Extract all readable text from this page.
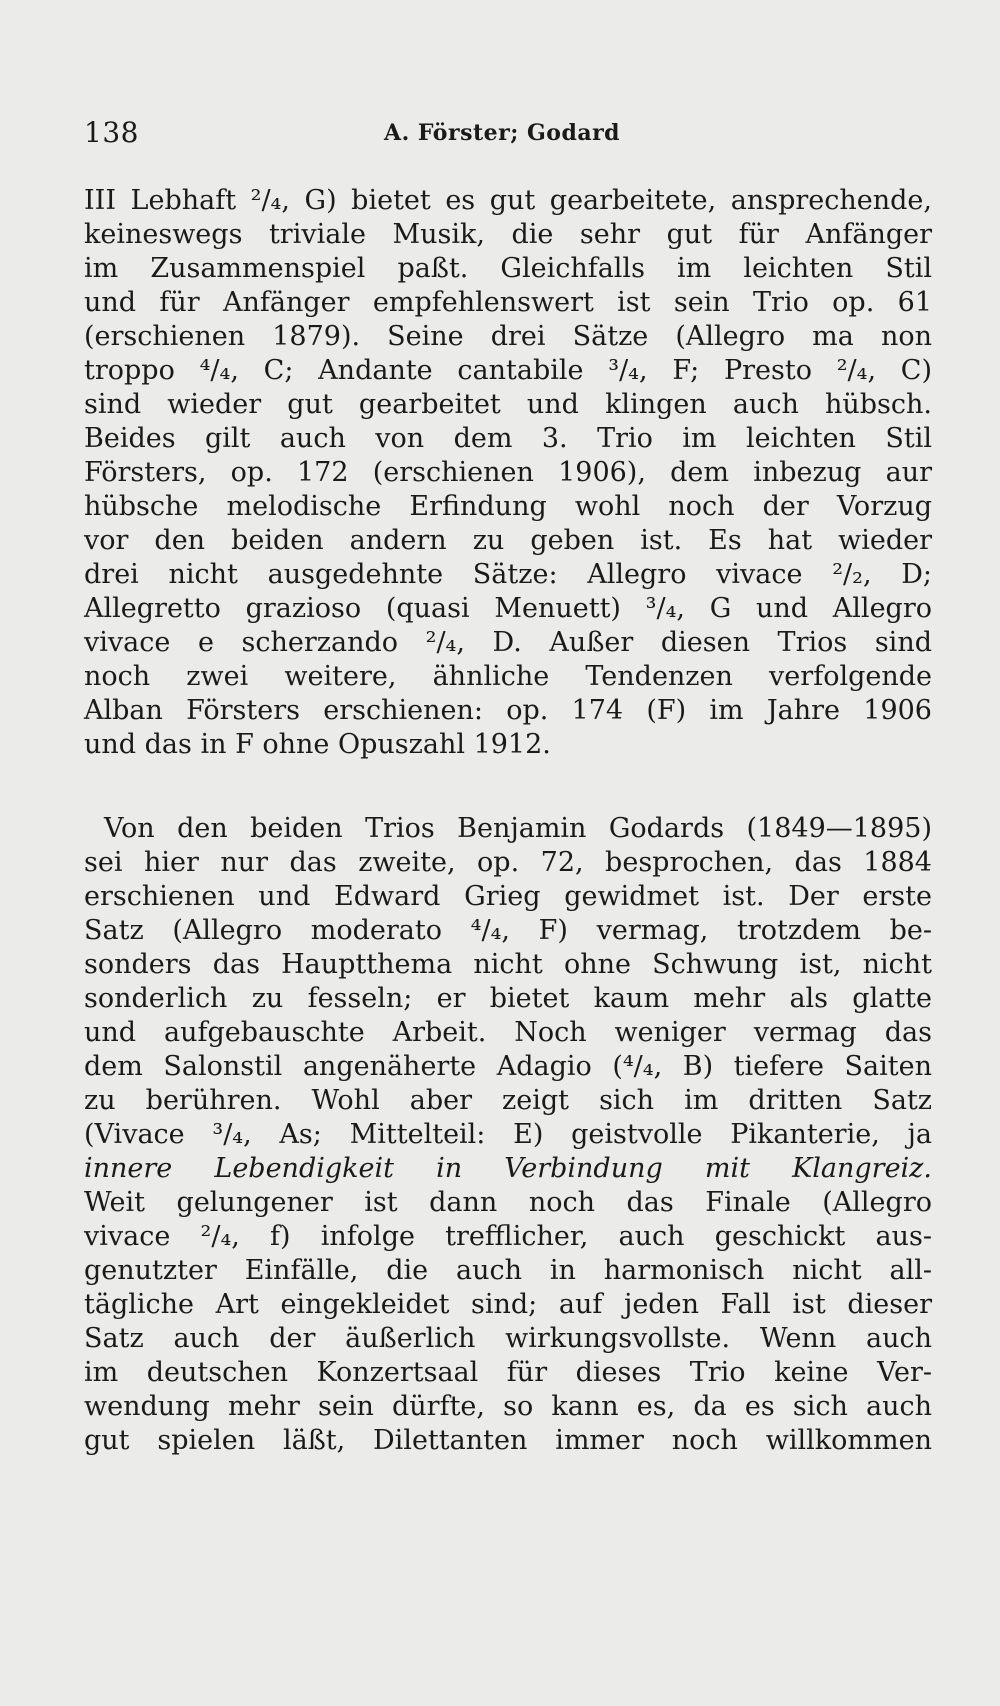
138	A. Förster; Godard
III Lebhaft ²/₄, G) bietet es gut gearbeitete, ansprechende,
keineswegs triviale Musik, die sehr gut für Anfänger
im Zusammenspiel paßt. Gleichfalls im leichten Stil
und für Anfänger empfehlenswert ist sein Trio op. 61
(erschienen 1879). Seine drei Sätze (Allegro ma non
troppo ⁴/₄, C; Andante cantabile ³/₄, F; Presto ²/₄, C)
sind wieder gut gearbeitet und klingen auch hübsch.
Beides gilt auch von dem 3. Trio im leichten Stil
Försters, op. 172 (erschienen 1906), dem inbezug aur
hübsche melodische Erfindung wohl noch der Vorzug
vor den beiden andern zu geben ist. Es hat wieder
drei nicht ausgedehnte Sätze: Allegro vivace ²/₂, D;
Allegretto grazioso (quasi Menuett) ³/₄, G und Allegro
vivace e scherzando ²/₄, D. Außer diesen Trios sind
noch zwei weitere, ähnliche Tendenzen verfolgende
Alban Försters erschienen: op. 174 (F) im Jahre 1906
und das in F ohne Opuszahl 1912.
Von den beiden Trios Benjamin Godards (1849—1895)
sei hier nur das zweite, op. 72, besprochen, das 1884
erschienen und Edward Grieg gewidmet ist. Der erste
Satz (Allegro moderato ⁴/₄, F) vermag, trotzdem be-
sonders das Hauptthema nicht ohne Schwung ist, nicht
sonderlich zu fesseln; er bietet kaum mehr als glatte
und aufgebauschte Arbeit. Noch weniger vermag das
dem Salonstil angenäherte Adagio (⁴/₄, B) tiefere Saiten
zu berühren. Wohl aber zeigt sich im dritten Satz
(Vivace ³/₄, As; Mittelteil: E) geistvolle Pikanterie, ja
innere Lebendigkeit in Verbindung mit Klangreiz.
Weit gelungener ist dann noch das Finale (Allegro
vivace ²/₄, f) infolge trefflicher, auch geschickt aus-
genutzter Einfälle, die auch in harmonisch nicht all-
tägliche Art eingekleidet sind; auf jeden Fall ist dieser
Satz auch der äußerlich wirkungsvollste. Wenn auch
im deutschen Konzertsaal für dieses Trio keine Ver-
wendung mehr sein dürfte, so kann es, da es sich auch
gut spielen läßt, Dilettanten immer noch willkommen
